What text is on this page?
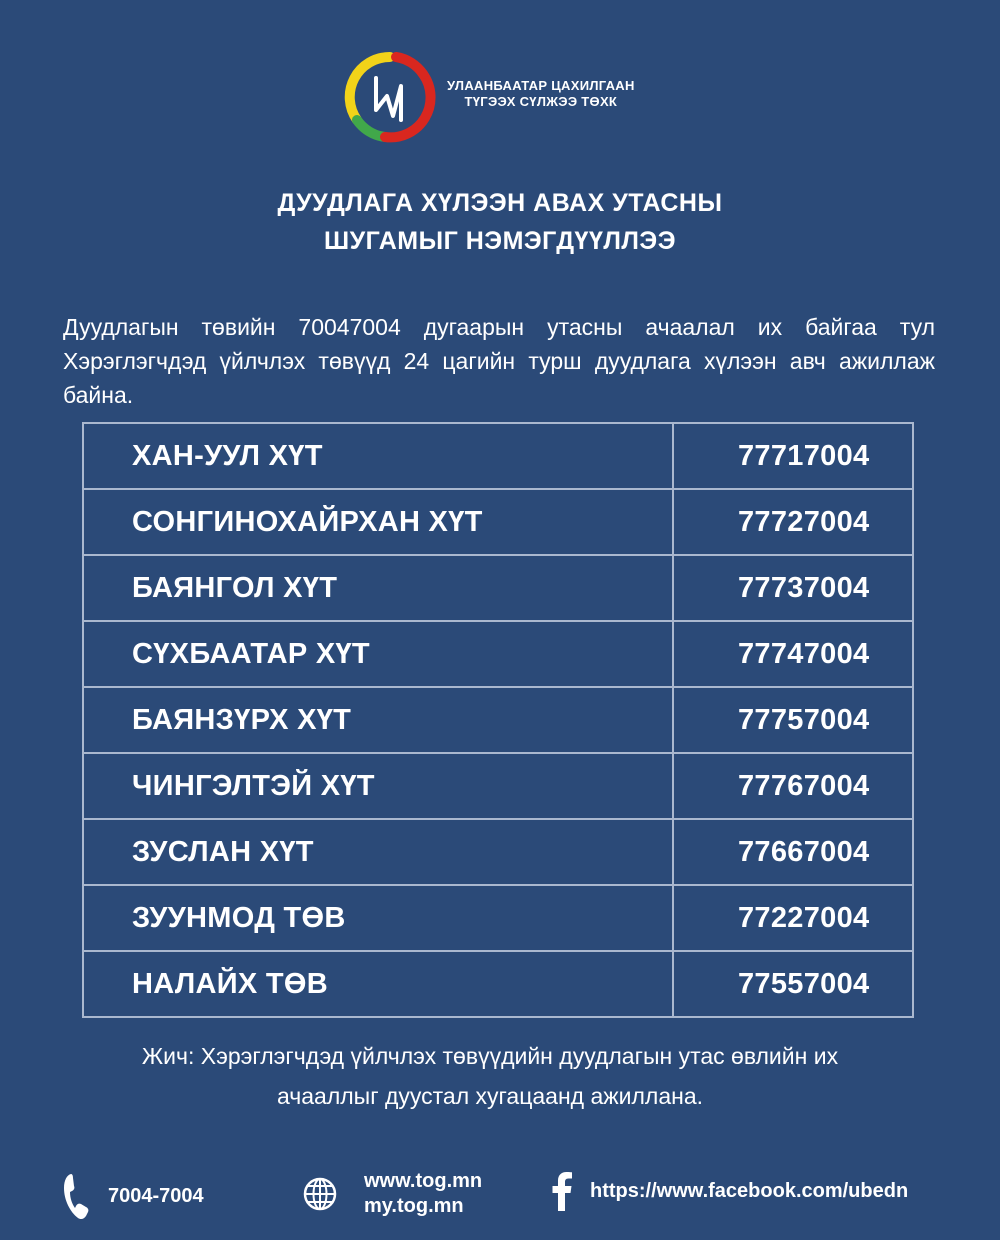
УЛААНБААТАР ЦАХИЛГААН
ТҮГЭЭХ СҮЛЖЭЭ ТӨХК
ДУУДЛАГА ХҮЛЭЭН АВАХ УТАСНЫ
ШУГАМЫГ НЭМЭГДҮҮЛЛЭЭ
Дуудлагын төвийн 70047004 дугаарын утасны ачаалал их байгаа тул Хэрэглэгчдэд үйлчлэх төвүүд 24 цагийн турш дуудлага хүлээн авч ажиллаж байна.
ХАН-УУЛ ХҮТ	77717004
СОНГИНОХАЙРХАН ХҮТ	77727004
БАЯНГОЛ ХҮТ	77737004
СҮХБААТАР ХҮТ	77747004
БАЯНЗҮРХ ХҮТ	77757004
ЧИНГЭЛТЭЙ ХҮТ	77767004
ЗУСЛАН ХҮТ	77667004
ЗУУНМОД ТӨВ	77227004
НАЛАЙХ ТӨВ	77557004
Жич: Хэрэглэгчдэд үйлчлэх төвүүдийн дуудлагын утас өвлийн их
ачааллыг дуустал хугацаанд ажиллана.
7004-7004
www.tog.mn
my.tog.mn
https://www.facebook.com/ubedn
